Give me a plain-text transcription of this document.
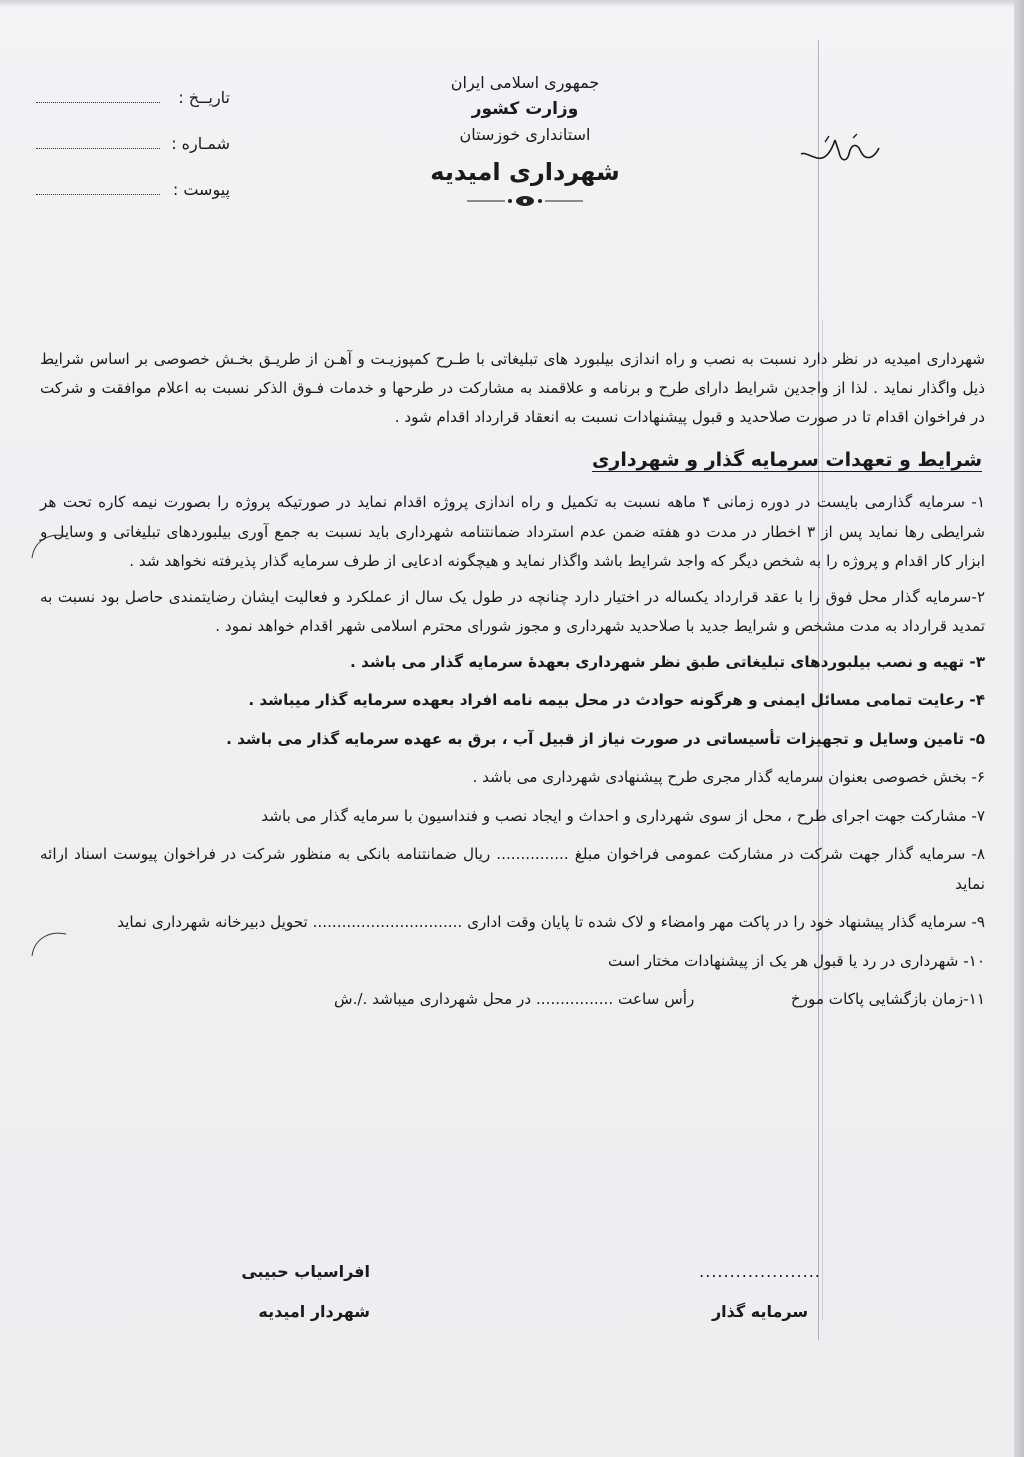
جمهوری اسلامی ایران
وزارت کشور
استانداری خوزستان
شهرداری امیدیه
تاریــخ :
شمـاره :
پیوست :

شهرداری امیدیه در نظر دارد نسبت به نصب و راه اندازی بیلبورد های تبلیغاتی با طـرح کمپوزیـت و آهـن از طریـق بخـش خصوصی بر اساس شرایط ذیل واگذار نماید . لذا از واجدین شرایط دارای طرح و برنامه و علاقمند به مشارکت در طرحها و خدمات فـوق الذکر نسبت به اعلام موافقت و شرکت در فراخوان اقدام تا در صورت صلاحدید و قبول پیشنهادات نسبت به انعقاد قرارداد اقدام شود .

شرایط و تعهدات سرمایه گذار و شهرداری

۱- سرمایه گذارمی بایست در دوره زمانی ۴ ماهه نسبت به تکمیل و راه اندازی پروژه اقدام نماید در صورتیکه پروژه را بصورت نیمه کاره تحت هر شرایطی رها نماید پس از ۳ اخطار در مدت دو هفته ضمن عدم استرداد ضمانتنامه شهرداری باید نسبت به جمع آوری بیلبوردهای تبلیغاتی و وسایل و ابزار کار اقدام و پروژه را به شخص دیگر که واجد شرایط باشد واگذار نماید و هیچگونه ادعایی از طرف سرمایه گذار پذیرفته نخواهد شد .

۲-سرمایه گذار محل فوق را با عقد قرارداد یکساله در اختیار دارد چنانچه در طول یک سال از عملکرد و فعالیت ایشان رضایتمندی حاصل بود نسبت به تمدید قرارداد به مدت مشخص و شرایط جدید با صلاحدید شهرداری و مجوز شورای محترم اسلامی شهر اقدام خواهد نمود .

۳- تهیه و نصب بیلبوردهای تبلیغاتی طبق نظر شهرداری بعهدهٔ سرمایه گذار می باشد .

۴- رعایت تمامی مسائل ایمنی و هرگونه حوادث در محل بیمه نامه افراد بعهده سرمایه گذار میباشد .

۵- تامین وسایل و تجهیزات تأسیساتی در صورت نیاز از قبیل آب ، برق به عهده سرمایه گذار می باشد .

۶- بخش خصوصی بعنوان سرمایه گذار مجری طرح پیشنهادی شهرداری می باشد .

۷- مشارکت جهت اجرای طرح ، محل از سوی شهرداری و احداث و ایجاد نصب و فنداسیون با سرمایه گذار می باشد

۸- سرمایه گذار جهت شرکت در مشارکت عمومی فراخوان مبلغ ............... ریال ضمانتنامه بانکی به منظور شرکت در فراخوان پیوست اسناد ارائه نماید

۹- سرمایه گذار پیشنهاد خود را در پاکت مهر وامضاء و لاک شده تا پایان وقت اداری ............................... تحویل دبیرخانه شهرداری نماید

۱۰- شهرداری در رد یا قبول هر یک از پیشنهادات مختار است

۱۱-زمان بازگشایی پاکات مورخ                    رأس ساعت ................ در محل شهرداری میباشد ./.ش

....................
سرمایه گذار
افراسیاب حبیبی
شهردار امیدیه
